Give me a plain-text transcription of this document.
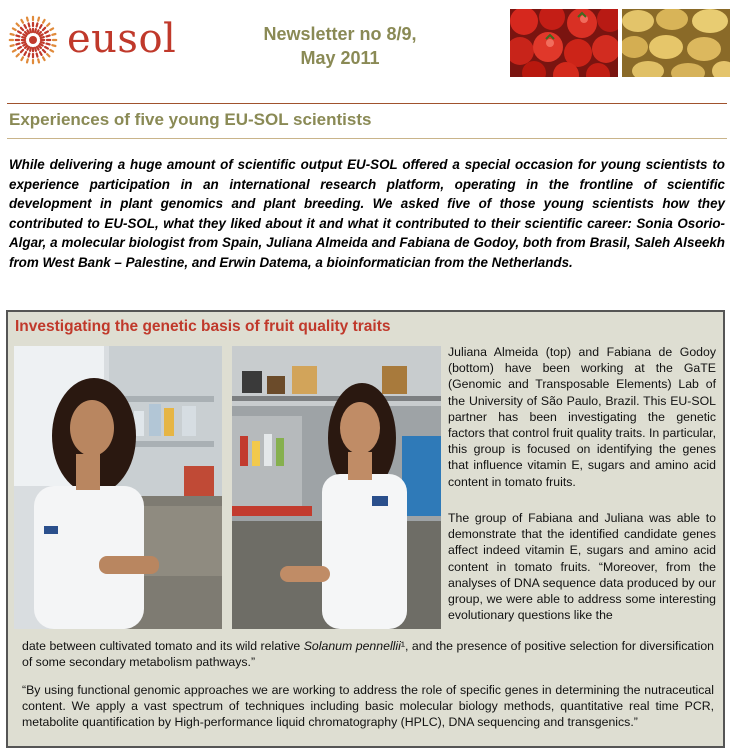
eusol	Newsletter no 8/9,
May 2011
Experiences of five young EU-SOL scientists

While delivering a huge amount of scientific output EU-SOL offered a special occasion for young scientists to experience participation in an international research platform, operating in the frontline of scientific development in plant genomics and plant breeding. We asked five of those young scientists how they contributed to EU-SOL, what they liked about it and what it contributed to their scientific career: Sonia Osorio-Algar, a molecular biologist from Spain, Juliana Almeida and Fabiana de Godoy, both from Brasil, Saleh Alseekh from West Bank – Palestine, and Erwin Datema, a bioinformatician from the Netherlands.

Investigating the genetic basis of fruit quality traits

Juliana Almeida (top) and Fabiana de Godoy (bottom) have been working at the GaTE (Genomic and Transposable Elements) Lab of the University of São Paulo, Brazil. This EU-SOL partner has been investigating the genetic factors that control fruit quality traits. In particular, this group is focused on identifying the genes that influence vitamin E, sugars and amino acid content in tomato fruits.

The group of Fabiana and Juliana was able to demonstrate that the identified candidate genes affect indeed vitamin E, sugars and amino acid content in tomato fruits. “Moreover, from the analyses of DNA sequence data produced by our group, we were able to address some interesting evolutionary questions like the

date between cultivated tomato and its wild relative Solanum pennellii¹, and the presence of positive selection for diversification of some secondary metabolism pathways.”

“By using functional genomic approaches we are working to address the role of specific genes in determining the nutraceutical content. We apply a vast spectrum of techniques including basic molecular biology methods, quantitative real time PCR, metabolite quantification by High-performance liquid chromatography (HPLC), DNA sequencing and transgenics.”
